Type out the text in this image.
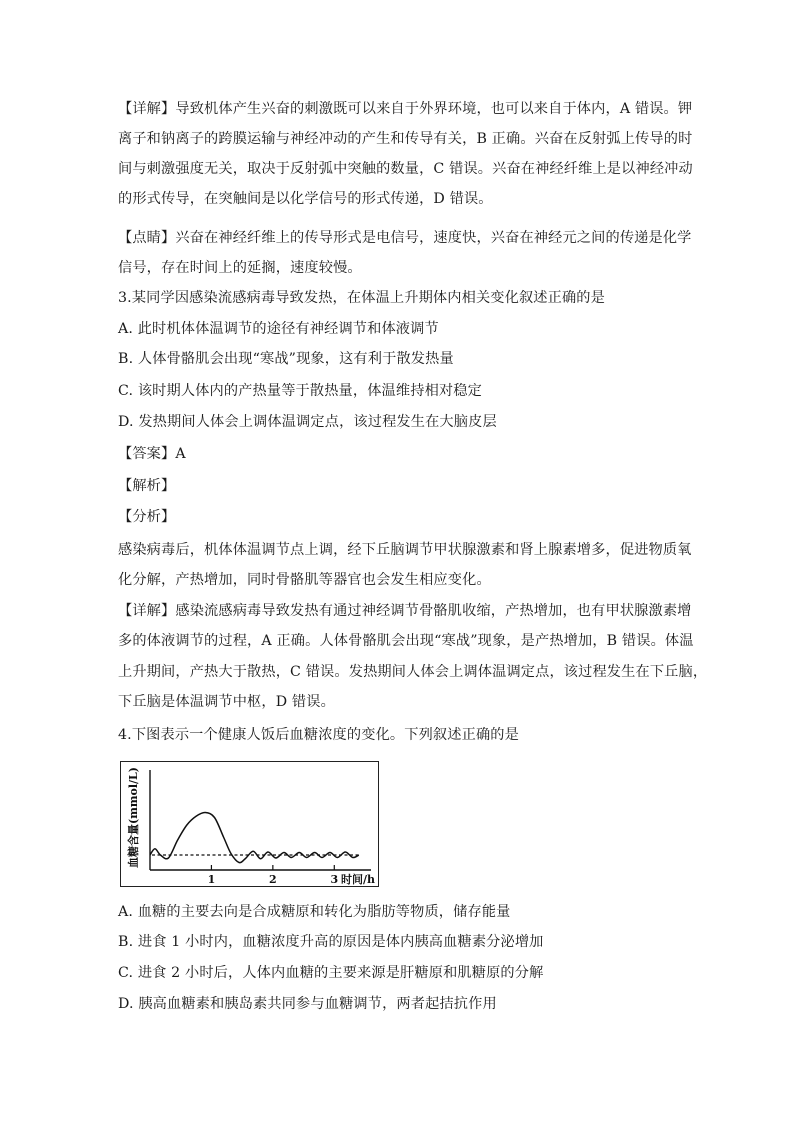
【详解】导致机体产生兴奋的刺激既可以来自于外界环境，也可以来自于体内，A 错误。钾
离子和钠离子的跨膜运输与神经冲动的产生和传导有关，B 正确。兴奋在反射弧上传导的时
间与刺激强度无关，取决于反射弧中突触的数量，C 错误。兴奋在神经纤维上是以神经冲动
的形式传导，在突触间是以化学信号的形式传递，D 错误。
【点睛】兴奋在神经纤维上的传导形式是电信号，速度快，兴奋在神经元之间的传递是化学
信号，存在时间上的延搁，速度较慢。
3.某同学因感染流感病毒导致发热，在体温上升期体内相关变化叙述正确的是
A. 此时机体体温调节的途径有神经调节和体液调节
B. 人体骨骼肌会出现“寒战”现象，这有利于散发热量
C. 该时期人体内的产热量等于散热量，体温维持相对稳定
D. 发热期间人体会上调体温调定点，该过程发生在大脑皮层
【答案】A
【解析】
【分析】
感染病毒后，机体体温调节点上调，经下丘脑调节甲状腺激素和肾上腺素增多，促进物质氧
化分解，产热增加，同时骨骼肌等器官也会发生相应变化。
【详解】感染流感病毒导致发热有通过神经调节骨骼肌收缩，产热增加，也有甲状腺激素增
多的体液调节的过程，A 正确。人体骨骼肌会出现“寒战”现象，是产热增加，B 错误。体温
上升期间，产热大于散热，C 错误。发热期间人体会上调体温调定点，该过程发生在下丘脑，
下丘脑是体温调节中枢，D 错误。
4.下图表示一个健康人饭后血糖浓度的变化。下列叙述正确的是
1	2	3
血糖含量(mmol/L)
时间/h
A. 血糖的主要去向是合成糖原和转化为脂肪等物质，储存能量
B. 进食 1 小时内，血糖浓度升高的原因是体内胰高血糖素分泌增加
C. 进食 2 小时后，人体内血糖的主要来源是肝糖原和肌糖原的分解
D. 胰高血糖素和胰岛素共同参与血糖调节，两者起拮抗作用
